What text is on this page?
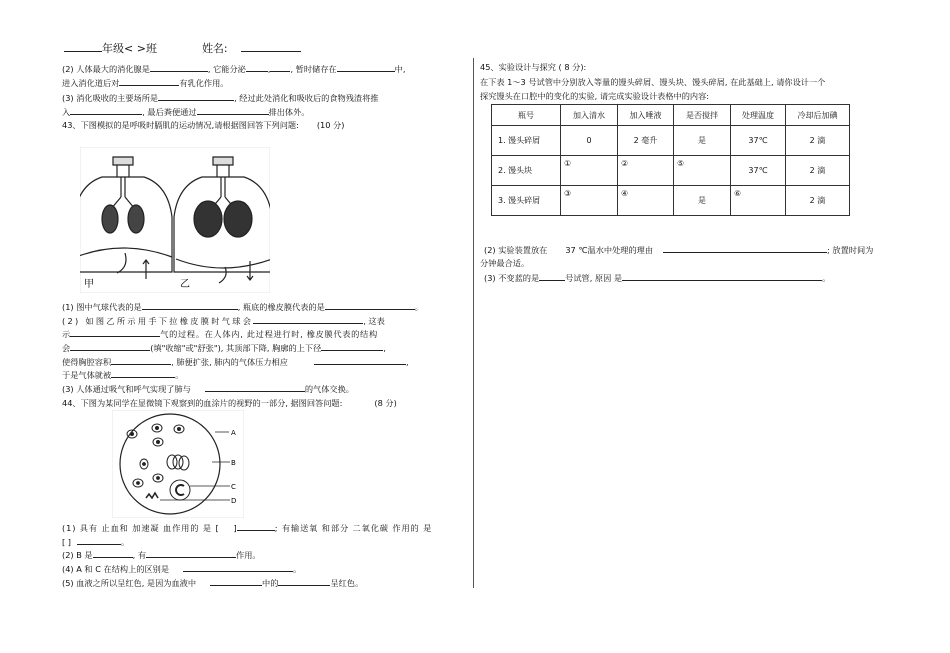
年级< >班	姓名:
(2) 人体最大的消化腺是	, 它能分泌	, , 暂时储存在	中,
进入消化道后对	有乳化作用。
(3) 消化吸收的主要场所是	, 经过此处消化和吸收后的食物残渣将推
入	, 最后粪便通过	排出体外。
43、下图模拟的是呼吸时膈肌的运动情况,请根据图回答下列问题: (10 分)
甲	乙
(1) 图中气球代表的是	, 瓶底的橡皮膜代表的是	。
(2) 如图乙所示用手下拉橡皮膜时气球会	, 这表
示	气的过程。在人体内, 此过程进行时, 橡皮膜代表的结构
会	(填"收缩"或"舒张"), 其顶部下降, 胸廓的上下径	,
使得胸腔容积	, 肺便扩张, 肺内的气体压力相应	,
于是气体就被	。
(3) 人体通过吸气和呼气实现了肺与	的气体交换。
44、下图为某同学在显微镜下观察到的血涂片的视野的一部分, 据图回答问题:	(8 分)
A
B
C
D
(1) 具有 止血和 加速凝 血作用的 是 [ ]	; 有输送氧 和部分 二氧化碳 作用的 是
[ ]	。
(2) B 是	, 有	作用。
(4) A 和 C 在结构上的区别是	。
(5) 血液之所以呈红色, 是因为血液中	中的	呈红色。
45、实验设计与探究 ( 8 分):
在下表 1～3 号试管中分别放入等量的馒头碎屑、馒头块、馒头碎屑, 在此基础上, 请你设计一个
探究馒头在口腔中的变化的实验, 请完成实验设计表格中的内容:
瓶号	加入清水	加入唾液	是否搅拌	处理温度	冷却后加碘
1. 馒头碎屑	0	2 毫升	是	37℃	2 滴
2. 馒头块	①	②	⑤	37℃	2 滴
3. 馒头碎屑	③	④	是	⑥	2 滴
(2) 实验装置放在 37 ℃温水中处理的理由	; 放置时间为
分钟最合适。
(3) 不变蓝的是	号试管, 原因 是	。
